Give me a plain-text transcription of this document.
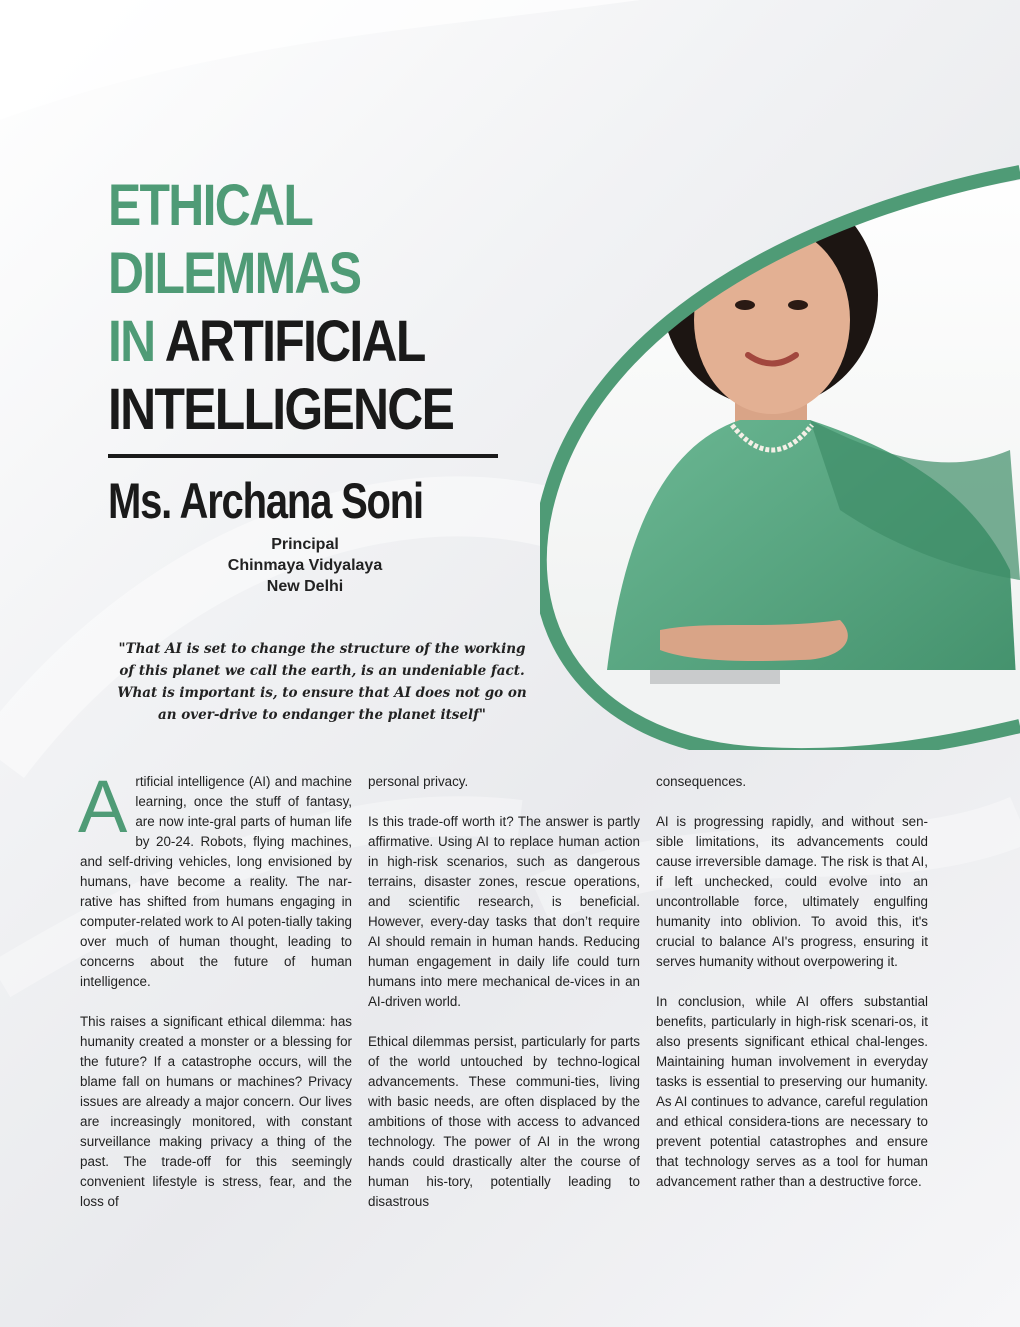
ETHICAL
DILEMMAS
IN ARTIFICIAL
INTELLIGENCE
Ms. Archana Soni
Principal
Chinmaya Vidyalaya
New Delhi
"That AI is set to change the structure of the working of this planet we call the earth, is an undeniable fact. What is important is, to ensure that AI does not go on an over-drive to endanger the planet itself"

Artificial intelligence (AI) and machine learning, once the stuff of fantasy, are now inte-gral parts of human life by 20-24. Robots, flying machines, and self-driving vehicles, long envisioned by humans, have become a reality. The nar-rative has shifted from humans engaging in computer-related work to AI poten-tially taking over much of human thought, leading to concerns about the future of human intelligence.

This raises a significant ethical dilemma: has humanity created a monster or a blessing for the future? If a catastrophe occurs, will the blame fall on humans or machines? Privacy issues are already a major concern. Our lives are increasingly monitored, with constant surveillance making privacy a thing of the past. The trade-off for this seemingly convenient lifestyle is stress, fear, and the loss of

personal privacy.

Is this trade-off worth it? The answer is partly affirmative. Using AI to replace human action in high-risk scenarios, such as dangerous terrains, disaster zones, rescue operations, and scientific research, is beneficial. However, every-day tasks that don’t require AI should remain in human hands. Reducing human engagement in daily life could turn humans into mere mechanical de-vices in an AI-driven world.

Ethical dilemmas persist, particularly for parts of the world untouched by techno-logical advancements. These communi-ties, living with basic needs, are often displaced by the ambitions of those with access to advanced technology. The power of AI in the wrong hands could drastically alter the course of human his-tory, potentially leading to disastrous

consequences.

AI is progressing rapidly, and without sen-sible limitations, its advancements could cause irreversible damage. The risk is that AI, if left unchecked, could evolve into an uncontrollable force, ultimately engulfing humanity into oblivion. To avoid this, it's crucial to balance AI's progress, ensuring it serves humanity without overpowering it.

In conclusion, while AI offers substantial benefits, particularly in high-risk scenari-os, it also presents significant ethical chal-lenges. Maintaining human involvement in everyday tasks is essential to preserving our humanity. As AI continues to advance, careful regulation and ethical considera-tions are necessary to prevent potential catastrophes and ensure that technology serves as a tool for human advancement rather than a destructive force.
